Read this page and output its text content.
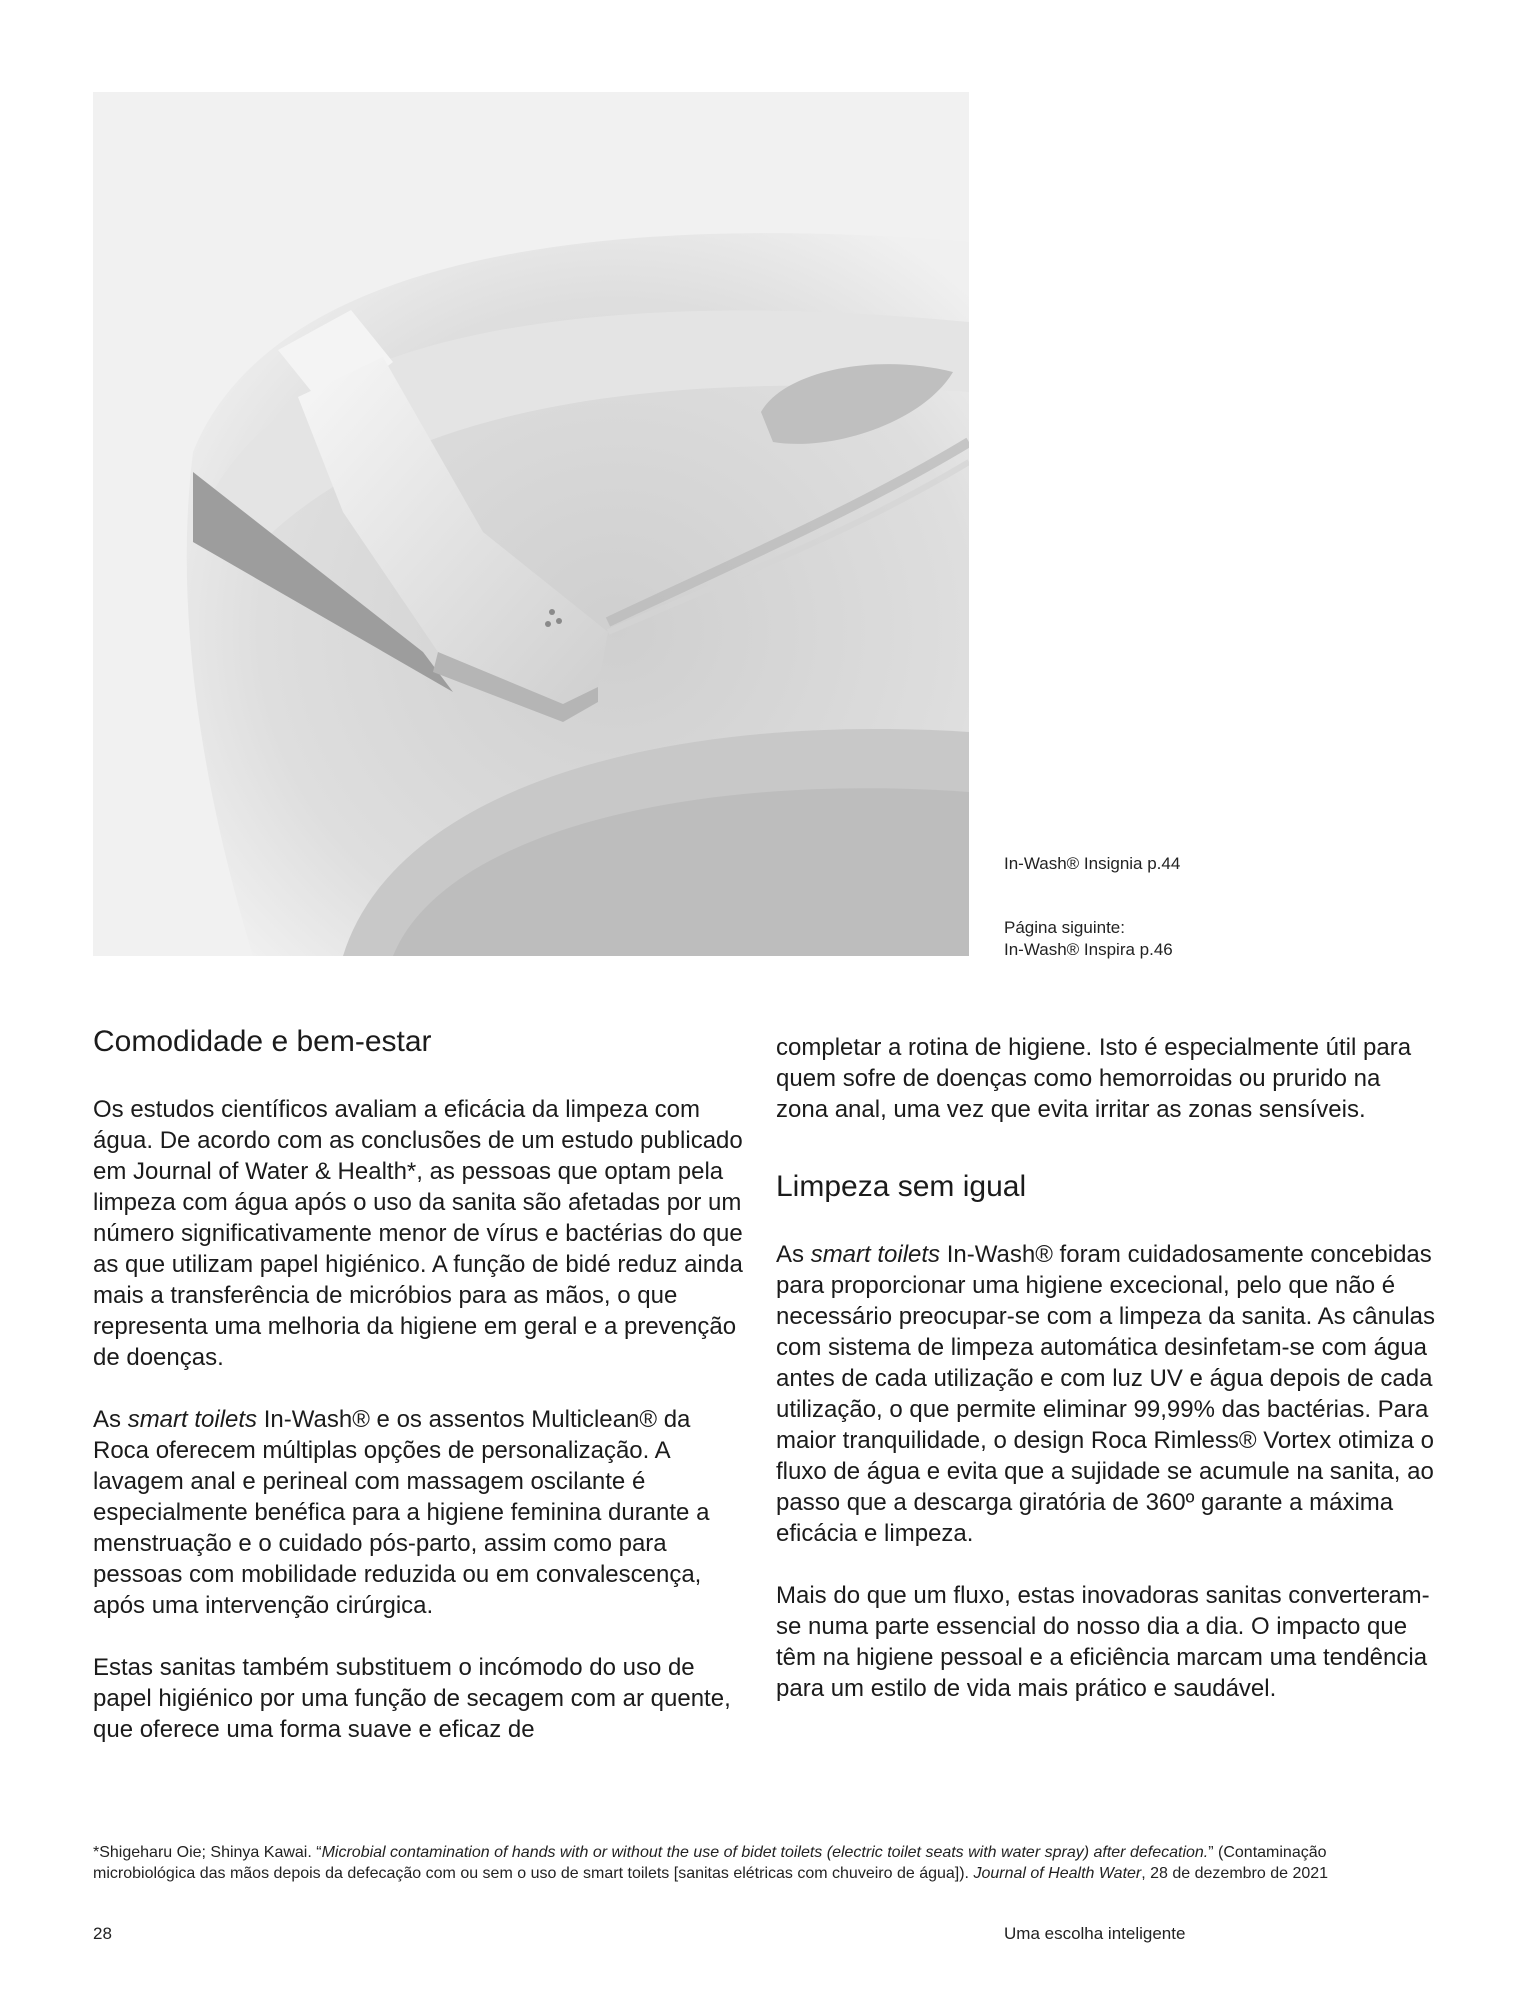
In-Wash® Insignia p.44
Página siguinte:
In-Wash® Inspira p.46
Comodidade e bem-estar

Os estudos científicos avaliam a eficácia da limpeza com água. De acordo com as conclusões de um estudo publicado em Journal of Water & Health*, as pessoas que optam pela limpeza com água após o uso da sanita são afetadas por um número significativamente menor de vírus e bactérias do que as que utilizam papel higiénico. A função de bidé reduz ainda mais a transferência de micróbios para as mãos, o que representa uma melhoria da higiene em geral e a prevenção de doenças.

As smart toilets In-Wash® e os assentos Multiclean® da Roca oferecem múltiplas opções de personalização. A lavagem anal e perineal com massagem oscilante é especialmente benéfica para a higiene feminina durante a menstruação e o cuidado pós-parto, assim como para pessoas com mobilidade reduzida ou em convalescença, após uma intervenção cirúrgica.

Estas sanitas também substituem o incómodo do uso de papel higiénico por uma função de secagem com ar quente, que oferece uma forma suave e eficaz de

completar a rotina de higiene. Isto é especialmente útil para quem sofre de doenças como hemorroidas ou prurido na zona anal, uma vez que evita irritar as zonas sensíveis.

Limpeza sem igual

As smart toilets In-Wash® foram cuidadosamente concebidas para proporcionar uma higiene excecional, pelo que não é necessário preocupar-se com a limpeza da sanita. As cânulas com sistema de limpeza automática desinfetam-se com água antes de cada utilização e com luz UV e água depois de cada utilização, o que permite eliminar 99,99% das bactérias. Para maior tranquilidade, o design Roca Rimless® Vortex otimiza o fluxo de água e evita que a sujidade se acumule na sanita, ao passo que a descarga giratória de 360º garante a máxima eficácia e limpeza.

Mais do que um fluxo, estas inovadoras sanitas converteram-se numa parte essencial do nosso dia a dia. O impacto que têm na higiene pessoal e a eficiência marcam uma tendência para um estilo de vida mais prático e saudável.

*Shigeharu Oie; Shinya Kawai. “Microbial contamination of hands with or without the use of bidet toilets (electric toilet seats with water spray) after defecation.” (Contaminação microbiológica das mãos depois da defecação com ou sem o uso de smart toilets [sanitas elétricas com chuveiro de água]). Journal of Health Water, 28 de dezembro de 2021
28	Uma escolha inteligente
